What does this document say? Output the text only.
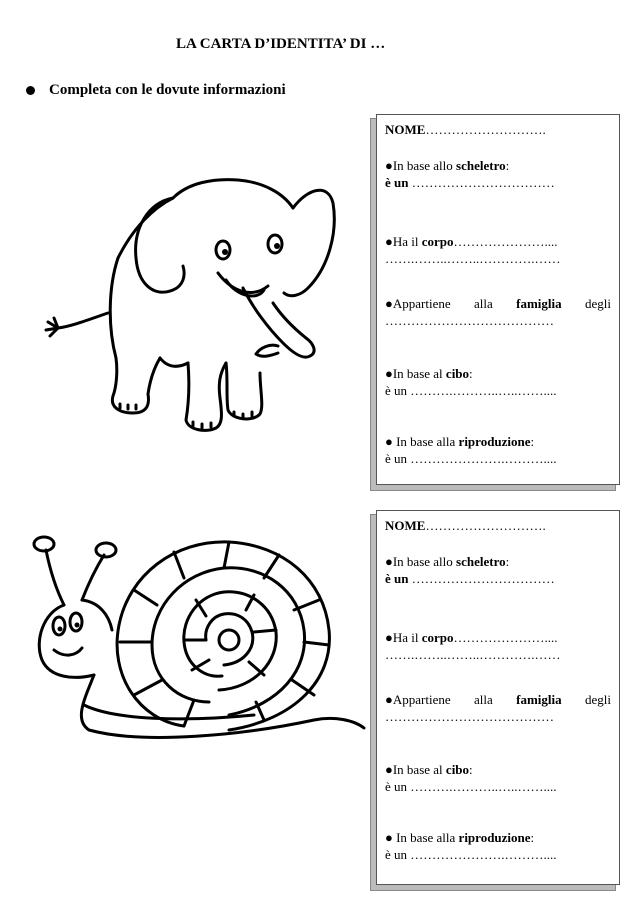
LA CARTA D’IDENTITA’ DI …
Completa con le dovute informazioni
NOME……………………….
●In base allo scheletro:
è un ……………………………
●Ha il corpo…………………....
…….……..……..………….……
●Appartiene alla famiglia degli
…………………………………
●In base al cibo:
è un ……….………..…..……....
● In base alla riproduzione:
è un ………………….………....
NOME……………………….
●In base allo scheletro:
è un ……………………………
●Ha il corpo…………………....
…….……..……..………….……
●Appartiene alla famiglia degli
…………………………………
●In base al cibo:
è un ……….………..…..……....
● In base alla riproduzione:
è un ………………….………....
